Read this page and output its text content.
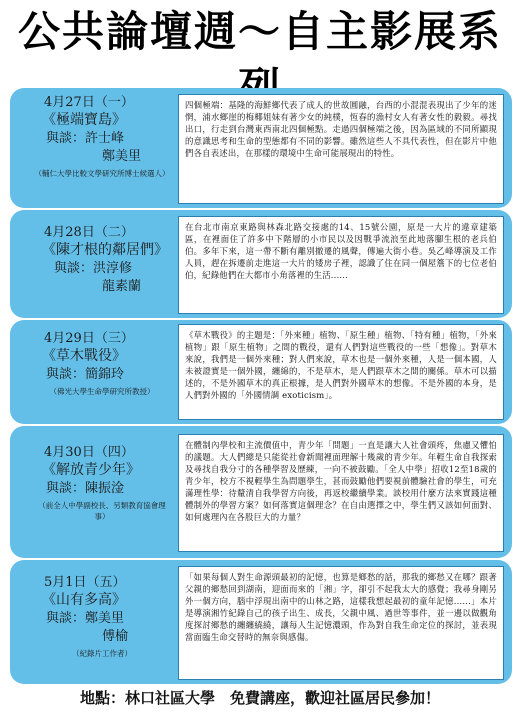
公共論壇週～自主影展系
4月27日（一）
《極端寶島》
與談：許士峰
鄭美里
（輔仁大學比較文學研究所博士候選人）

四個極端：基隆的海鮮鄉代表了成人的世故圓融，台西的小混混表現出了少年的迷惘，浦水鄉崖的梅椰姐妹有著少女的純樸，恆春的漁村女人有著女性的毅毅。尋找出口，行走到台灣東西南北四個極點。走過四個極端之後，因為區域的不同所顯現的意識思考和生命的型態都有不同的影響。雖然這些人不具代表性，但在影片中他們各自表述出，在那樣的環境中生命可能展現出的特性。

4月28日（二）
《陳才根的鄰居們》
與談：洪淳修
龍素蘭

在台北市南京東路與林森北路交接處的14、15號公園，原是一大片的違章建築區，在裡面住了許多中下階層的小市民以及因戰爭流浪至此地落腳生根的老兵伯伯。多年下來，這一帶不斷有離別撤遷的風聲，傳遍大街小巷。吳乙峰導演及工作人員，趕在拆遷前走進這一大片的矮房子裡，認識了住在同一個屋簷下的七位老伯伯，紀錄他們在大都市小角落裡的生活......

4月29日（三）
《草木戰役》
與談：簡錦玲
（佛光大學生命學研究所教授）

《草木戰役》的主題是：「外來種」植物、「原生種」植物、「特有種」植物，「外來植物」跟「原生植物」之間的戰役，還有人們對這些戰役的一些「想像」。對草木來說，我們是一個外來種；對人們來說，草木也是一個外來種，人是一個本國，人未被證實是一個外國，纏綿的，不是草木，是人們跟草木之間的關係。草木可以描述的，不是外國草木的真正根據，是人們對外國草木的想像。不是外國的本身，是人們對外國的「外國情調 exoticism」。

4月30日（四）
《解放青少年》
與談：陳振淦
（前全人中學副校長、另類教育協會理事）

在體制內學校和主流價值中，青少年「問題」一直是讓大人社會頭疼，焦慮又懼怕的議題。大人們總是只能從社會新聞裡面理解十幾歲的青少年。年輕生命自我探索及尋找自我分寸的各種學習及歷練，一向不被鼓勵。「全人中學」招收12至18歲的青少年，校方不視輕學生為問題學生，甚而鼓勵他們要視前體驗社會的學生，可充滿理性學：待釐清自我學習方向後，再返校繼續學業。談校用什麼方法來實踐這種體制外的學習方案？如何落實這個理念？在自由選擇之中，學生們又該如何面對、如何處理內在各股巨大的力量？

5月1日（五）
《山有多高》
與談：鄭美里
傅榆
（紀錄片工作者）

「如果每個人對生命源頭最初的記憶，也算是鄉愁的話，那我的鄉愁又在哪？跟著父親的鄉愁回到湖南，迎面而來的「湘」字，卻引不起我太大的感覺；我尋身剛另外一個方向，腦中浮現出南中的山林之路，這樣我想起最初的童年記憶......」本片是導演湘竹紀錄自己的孩子出生、成長，父親中風、過世等事件，並一邊以做觀角度探討鄉愁的纏纏繞繞，讓每人生記憶濃頭，作為對自我生命定位的探討，並表現當面臨生命交替時的無奈與感傷。

地點：林口社區大學　免費講座，歡迎社區居民參加！
